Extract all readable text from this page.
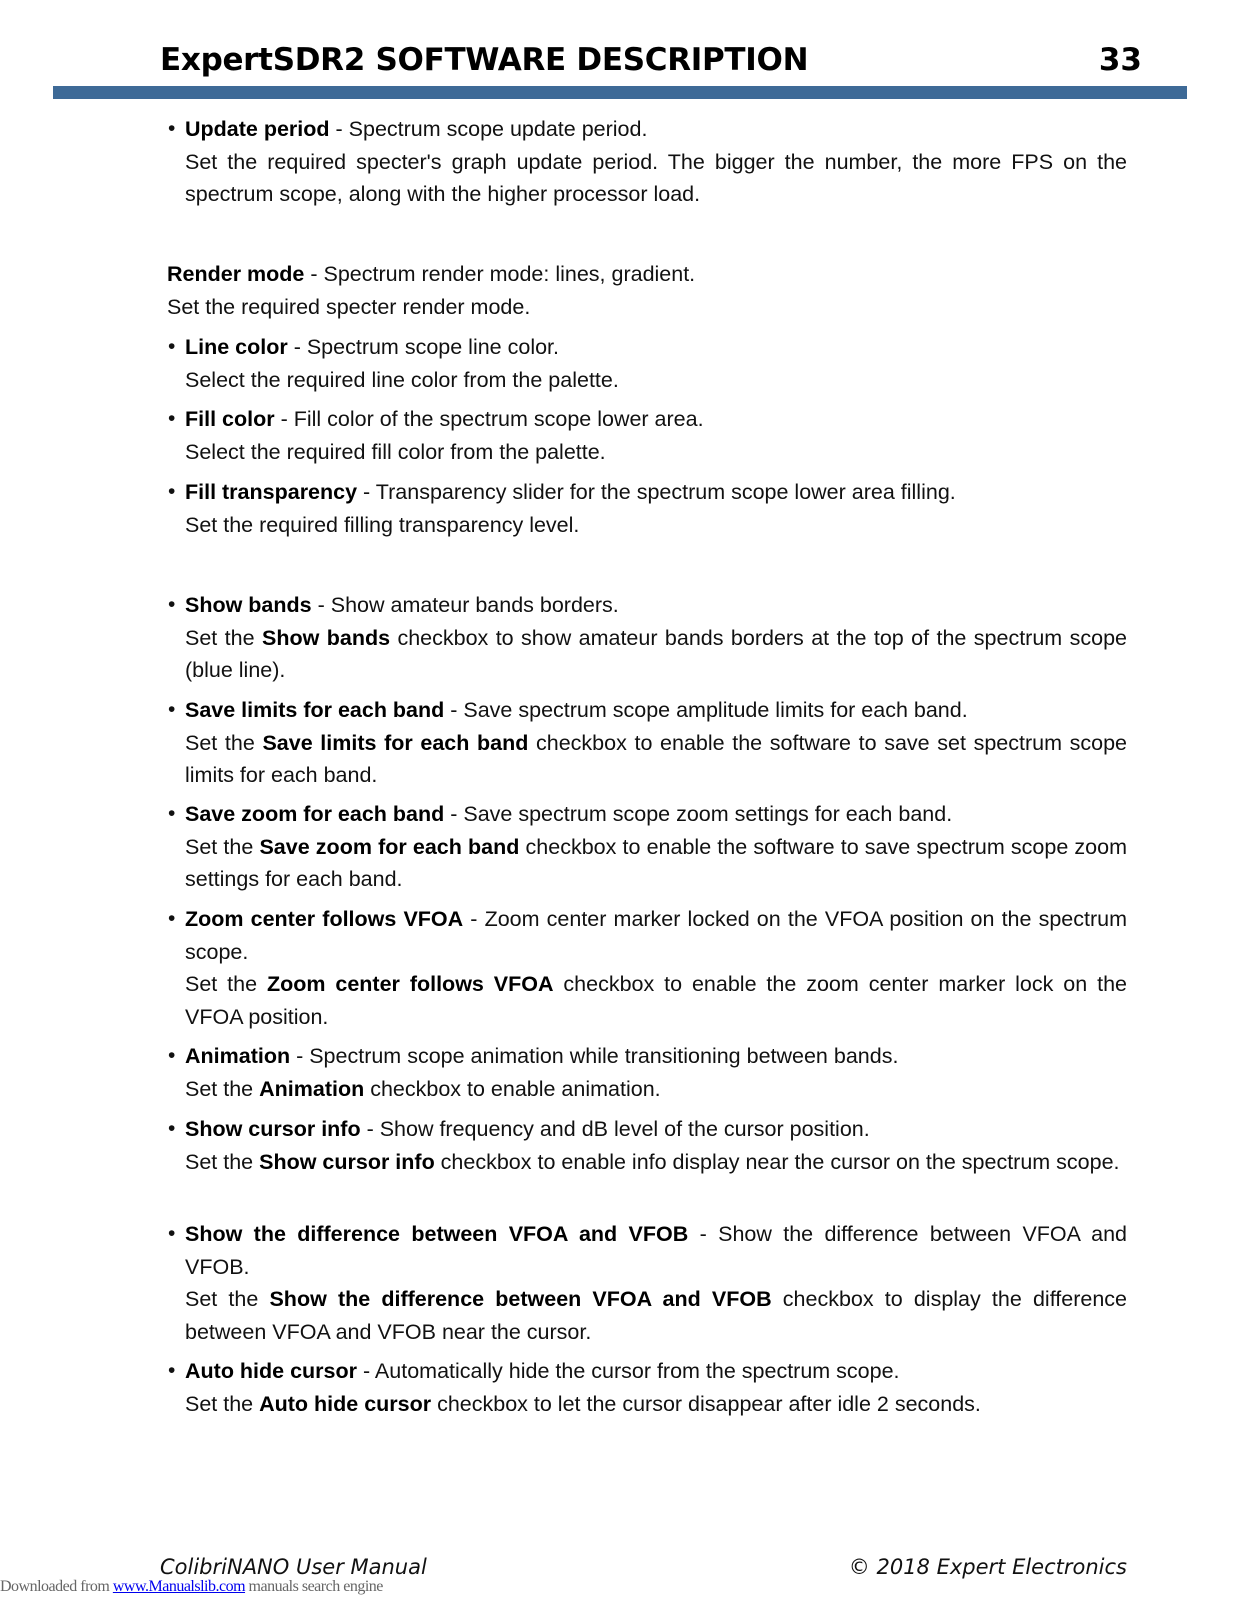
ExpertSDR2 SOFTWARE DESCRIPTION	33
• Update period - Spectrum scope update period.

Set the required specter's graph update period. The bigger the number, the more FPS on the spectrum scope, along with the higher processor load.

Render mode - Spectrum render mode: lines, gradient.

Set the required specter render mode.

• Line color - Spectrum scope line color.

Select the required line color from the palette.

• Fill color - Fill color of the spectrum scope lower area.

Select the required fill color from the palette.

• Fill transparency - Transparency slider for the spectrum scope lower area filling.

Set the required filling transparency level.

• Show bands - Show amateur bands borders.

Set the Show bands checkbox to show amateur bands borders at the top of the spectrum scope (blue line).

• Save limits for each band - Save spectrum scope amplitude limits for each band.

Set the Save limits for each band checkbox to enable the software to save set spectrum scope limits for each band.

• Save zoom for each band - Save spectrum scope zoom settings for each band.

Set the Save zoom for each band checkbox to enable the software to save spectrum scope zoom settings for each band.

• Zoom center follows VFOA - Zoom center marker locked on the VFOA position on the spectrum scope.

Set the Zoom center follows VFOA checkbox to enable the zoom center marker lock on the VFOA position.

• Animation - Spectrum scope animation while transitioning between bands.

Set the Animation checkbox to enable animation.

• Show cursor info - Show frequency and dB level of the cursor position.

Set the Show cursor info checkbox to enable info display near the cursor on the spectrum scope.

• Show the difference between VFOA and VFOB - Show the difference between VFOA and VFOB.

Set the Show the difference between VFOA and VFOB checkbox to display the difference between VFOA and VFOB near the cursor.

• Auto hide cursor - Automatically hide the cursor from the spectrum scope.

Set the Auto hide cursor checkbox to let the cursor disappear after idle 2 seconds.

ColibriNANO User Manual	© 2018 Expert Electronics
Downloaded from www.Manualslib.com manuals search engine
